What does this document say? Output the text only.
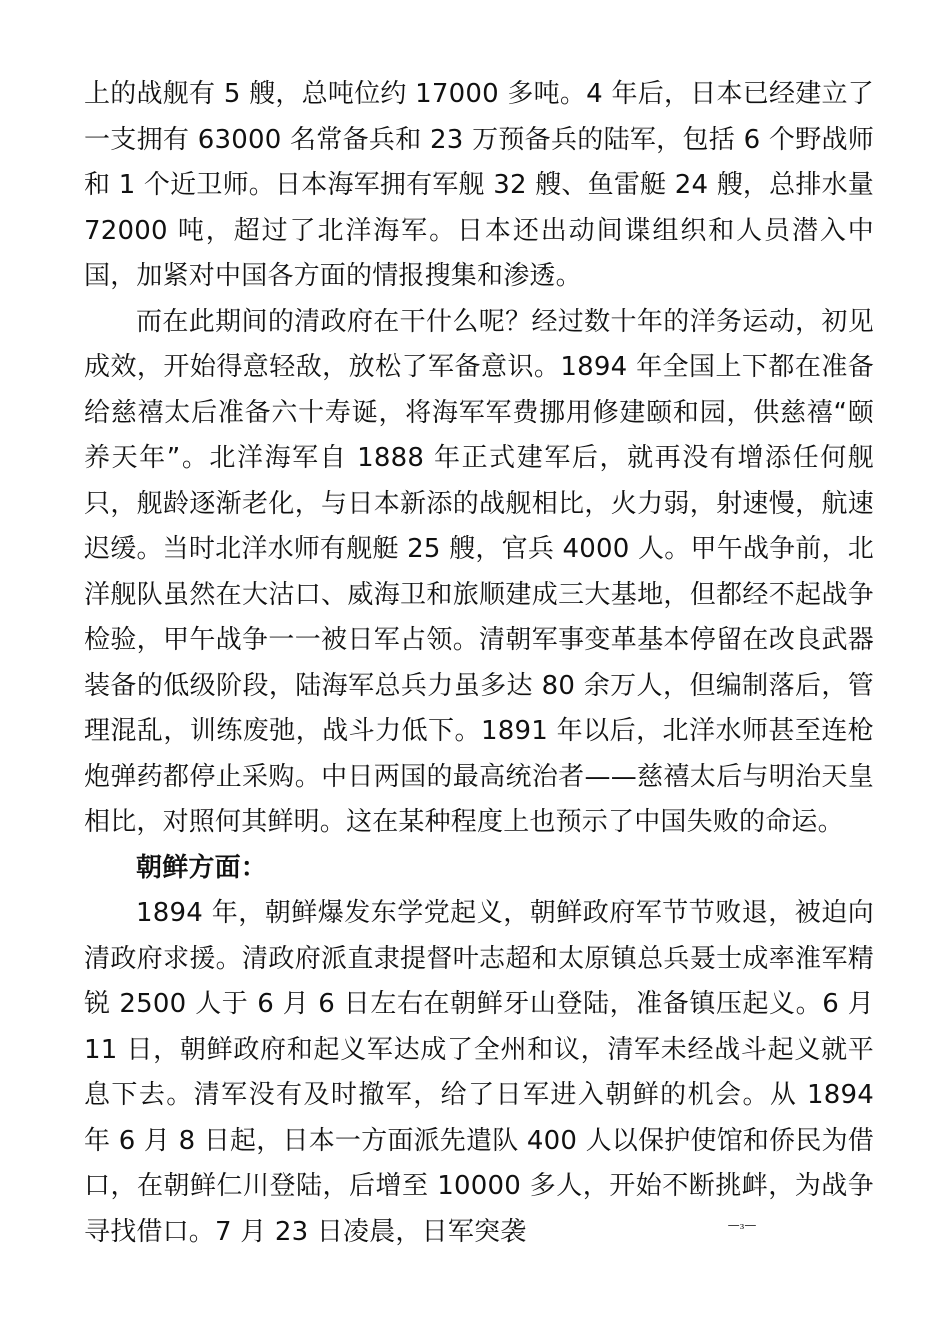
上的战舰有 5 艘，总吨位约 17000 多吨。4 年后，日本已经建立了一支拥有 63000 名常备兵和 23 万预备兵的陆军，包括 6 个野战师和 1 个近卫师。日本海军拥有军舰 32 艘、鱼雷艇 24 艘，总排水量 72000 吨，超过了北洋海军。日本还出动间谍组织和人员潜入中国，加紧对中国各方面的情报搜集和渗透。

而在此期间的清政府在干什么呢？经过数十年的洋务运动，初见成效，开始得意轻敌，放松了军备意识。1894 年全国上下都在准备给慈禧太后准备六十寿诞，将海军军费挪用修建颐和园，供慈禧“颐养天年”。北洋海军自 1888 年正式建军后，就再没有增添任何舰只，舰龄逐渐老化，与日本新添的战舰相比，火力弱，射速慢，航速迟缓。当时北洋水师有舰艇 25 艘，官兵 4000 人。甲午战争前，北洋舰队虽然在大沽口、威海卫和旅顺建成三大基地，但都经不起战争检验，甲午战争一一被日军占领。清朝军事变革基本停留在改良武器装备的低级阶段，陆海军总兵力虽多达 80 余万人，但编制落后，管理混乱，训练废弛，战斗力低下。1891 年以后，北洋水师甚至连枪炮弹药都停止采购。中日两国的最高统治者——慈禧太后与明治天皇相比，对照何其鲜明。这在某种程度上也预示了中国失败的命运。

朝鲜方面：

1894 年，朝鲜爆发东学党起义，朝鲜政府军节节败退，被迫向清政府求援。清政府派直隶提督叶志超和太原镇总兵聂士成率淮军精锐 2500 人于 6 月 6 日左右在朝鲜牙山登陆，准备镇压起义。6 月 11 日，朝鲜政府和起义军达成了全州和议，清军未经战斗起义就平息下去。清军没有及时撤军，给了日军进入朝鲜的机会。从 1894 年 6 月 8 日起，日本一方面派先遣队 400 人以保护使馆和侨民为借口，在朝鲜仁川登陆，后增至 10000 多人，开始不断挑衅，为战争寻找借口。7 月 23 日凌晨，日军突袭	—₃—
